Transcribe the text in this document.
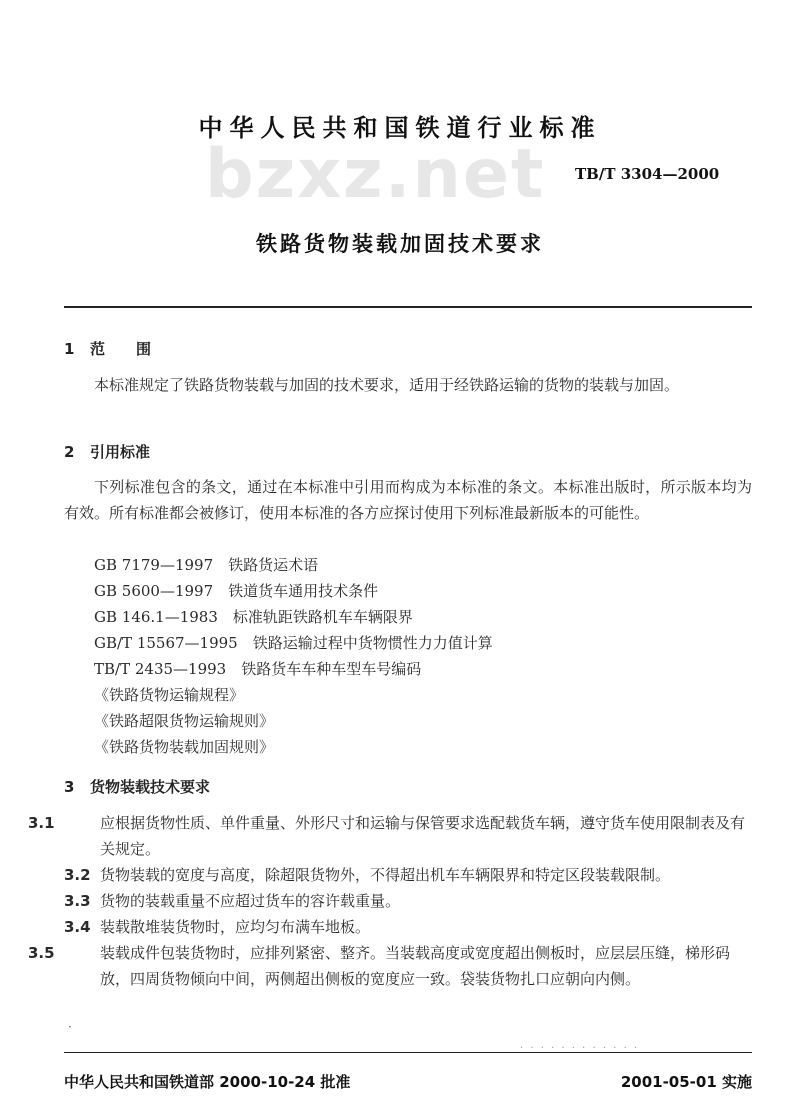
中华人民共和国铁道行业标准
bzxz.net TB/T 3304—2000
铁路货物装载加固技术要求
1 范　围
本标准规定了铁路货物装载与加固的技术要求，适用于经铁路运输的货物的装载与加固。
2 引用标准
下列标准包含的条文，通过在本标准中引用而构成为本标准的条文。本标准出版时，所示版本均为有效。所有标准都会被修订，使用本标准的各方应探讨使用下列标准最新版本的可能性。
GB 7179—1997　铁路货运术语
GB 5600—1997　铁道货车通用技术条件
GB 146.1—1983　标准轨距铁路机车车辆限界
GB/T 15567—1995　铁路运输过程中货物惯性力力值计算
TB/T 2435—1993　铁路货车车种车型车号编码
《铁路货物运输规程》
《铁路超限货物运输规则》
《铁路货物装载加固规则》
3 货物装载技术要求
3.1	应根据货物性质、单件重量、外形尺寸和运输与保管要求选配载货车辆，遵守货车使用限制表及有关规定。
3.2 货物装载的宽度与高度，除超限货物外，不得超出机车车辆限界和特定区段装载限制。
3.3 货物的装载重量不应超过货车的容许载重量。
3.4 装载散堆装货物时，应均匀布满车地板。
3.5	装载成件包装货物时，应排列紧密、整齐。当装载高度或宽度超出侧板时，应层层压缝，梯形码放，四周货物倾向中间，两侧超出侧板的宽度应一致。袋装货物扎口应朝向内侧。
·
· · · · · · · · · · · ·
中华人民共和国铁道部 2000-10-24 批准	2001-05-01 实施
